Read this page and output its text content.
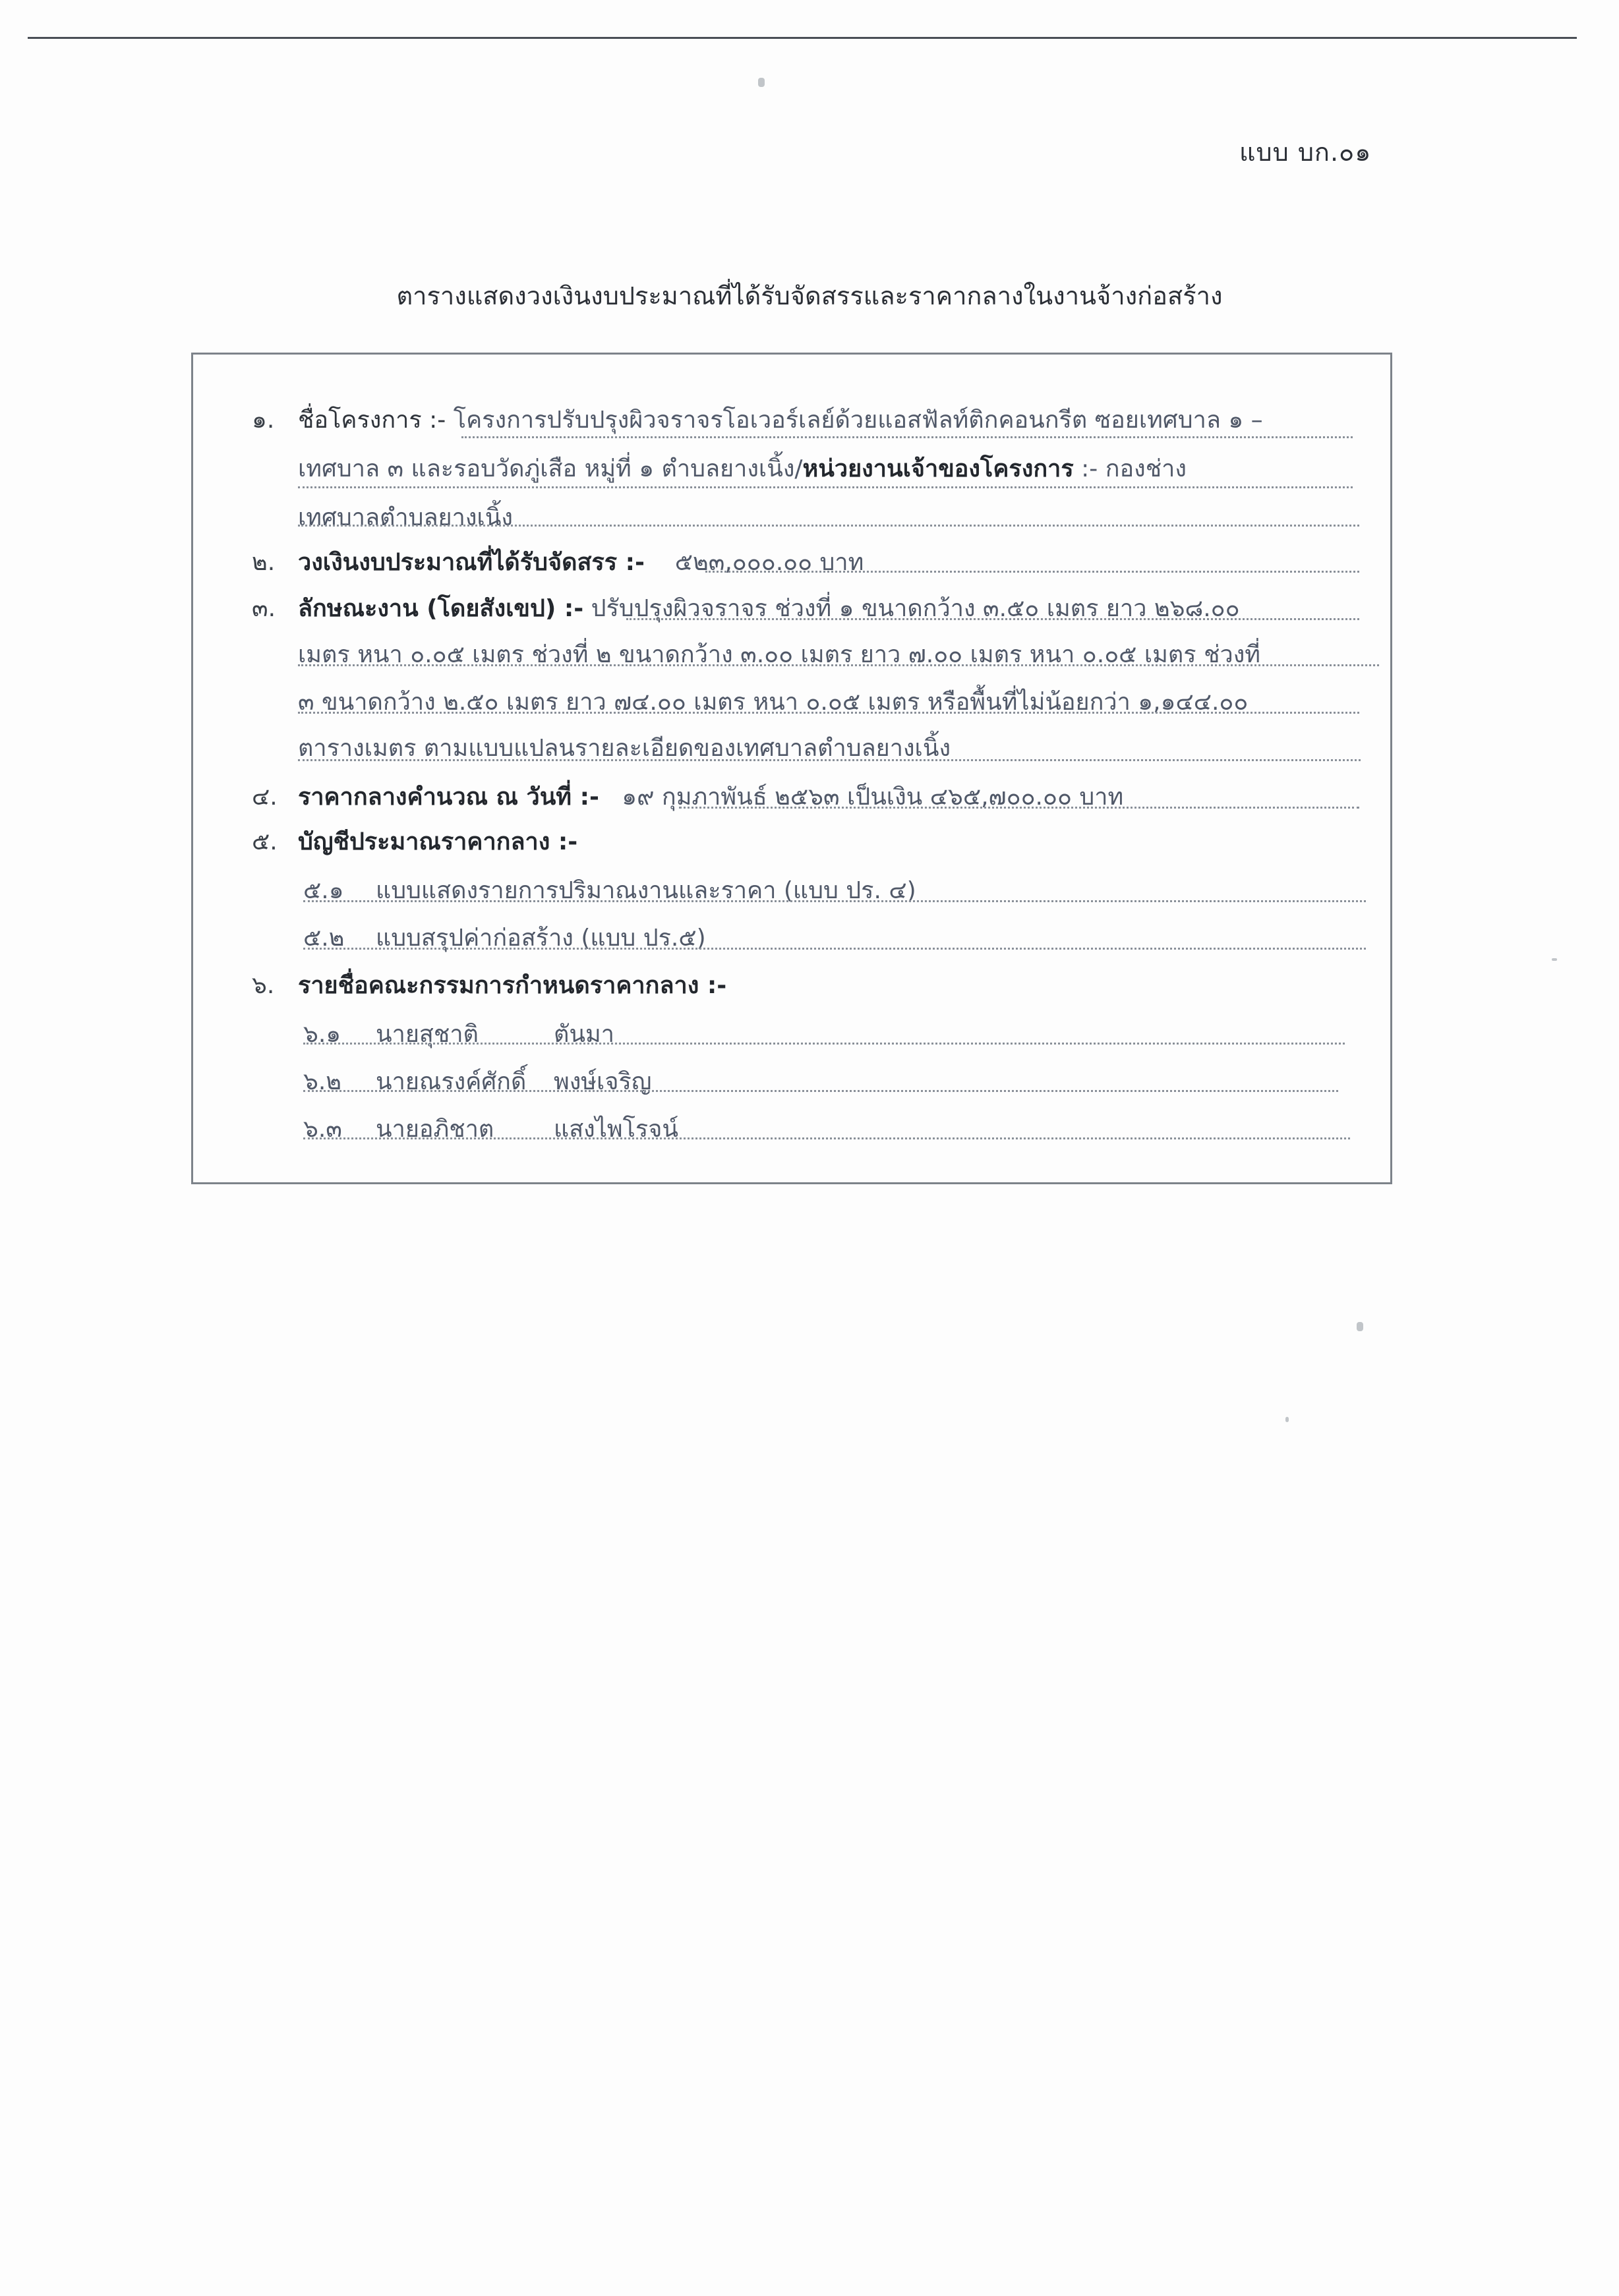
แบบ บก.๐๑
ตารางแสดงวงเงินงบประมาณที่ได้รับจัดสรรและราคากลางในงานจ้างก่อสร้าง
๑. ชื่อโครงการ :- โครงการปรับปรุงผิวจราจรโอเวอร์เลย์ด้วยแอสฟัลท์ติกคอนกรีต ซอยเทศบาล ๑ –
เทศบาล ๓ และรอบวัดภู่เสือ หมู่ที่ ๑ ตำบลยางเนิ้ง/หน่วยงานเจ้าของโครงการ :- กองช่าง
เทศบาลตำบลยางเนิ้ง
๒. วงเงินงบประมาณที่ได้รับจัดสรร :- ๕๒๓,๐๐๐.๐๐ บาท
๓. ลักษณะงาน (โดยสังเขป) :- ปรับปรุงผิวจราจร ช่วงที่ ๑ ขนาดกว้าง ๓.๕๐ เมตร ยาว ๒๖๘.๐๐
เมตร หนา ๐.๐๕ เมตร ช่วงที่ ๒ ขนาดกว้าง ๓.๐๐ เมตร ยาว ๗.๐๐ เมตร หนา ๐.๐๕ เมตร ช่วงที่
๓ ขนาดกว้าง ๒.๕๐ เมตร ยาว ๗๔.๐๐ เมตร หนา ๐.๐๕ เมตร หรือพื้นที่ไม่น้อยกว่า ๑,๑๔๔.๐๐
ตารางเมตร ตามแบบแปลนรายละเอียดของเทศบาลตำบลยางเนิ้ง
๔. ราคากลางคำนวณ ณ วันที่ :- ๑๙ กุมภาพันธ์ ๒๕๖๓ เป็นเงิน ๔๖๕,๗๐๐.๐๐ บาท
๕. บัญชีประมาณราคากลาง :-
๕.๑ แบบแสดงรายการปริมาณงานและราคา (แบบ ปร. ๔)
๕.๒ แบบสรุปค่าก่อสร้าง (แบบ ปร.๕)
๖. รายชื่อคณะกรรมการกำหนดราคากลาง :-
๖.๑ นายสุชาติ	ตันมา
๖.๒ นายณรงค์ศักดิ์ พงษ์เจริญ
๖.๓ นายอภิชาต	แสงไพโรจน์
